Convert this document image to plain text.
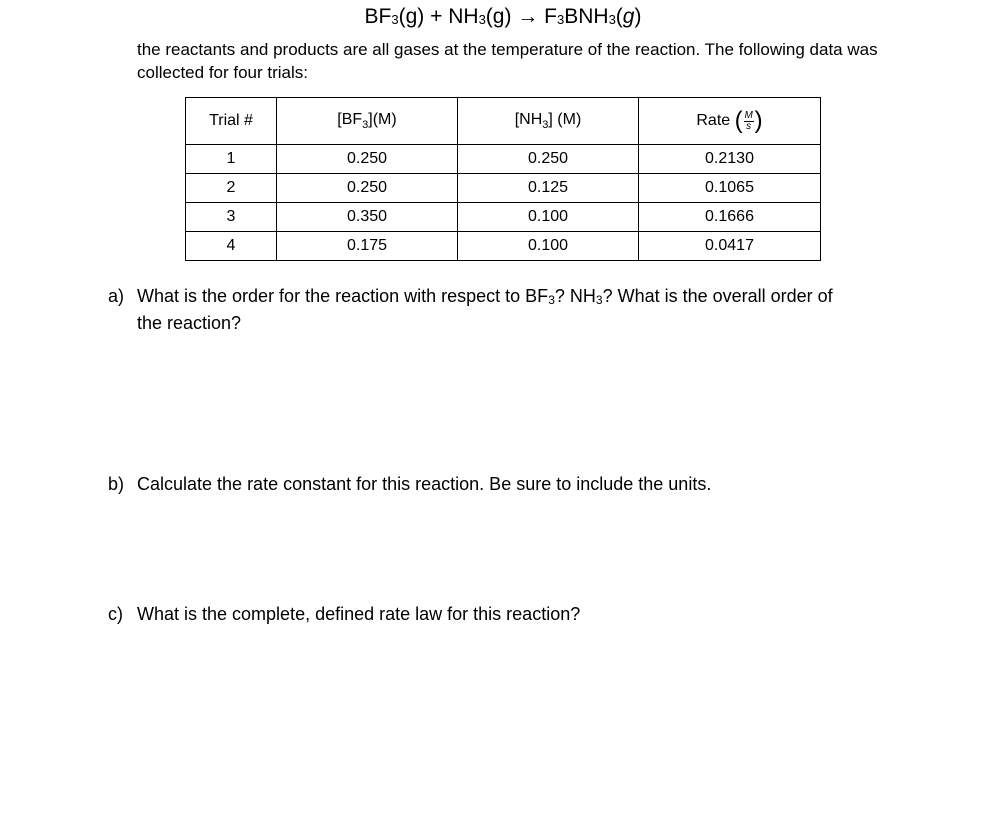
$BF_3(g) + NH_3(g) \to F_3BNH_3(g)$
the reactants and products are all gases at the temperature of the reaction. The following data was collected for four trials:
Trial #	$[BF_3](M)$	$[NH_3]$ (M)	Rate ( $\frac{M}{s}$ )
1	0.250	0.250	0.2130
2	0.250	0.125	0.1065
3	0.350	0.100	0.1666
4	0.175	0.100	0.0417
a) What is the order for the reaction with respect to $BF_3$? $NH_3$? What is the overall order of
the reaction?
b) Calculate the rate constant for this reaction. Be sure to include the units.
c) What is the complete, defined rate law for this reaction?
